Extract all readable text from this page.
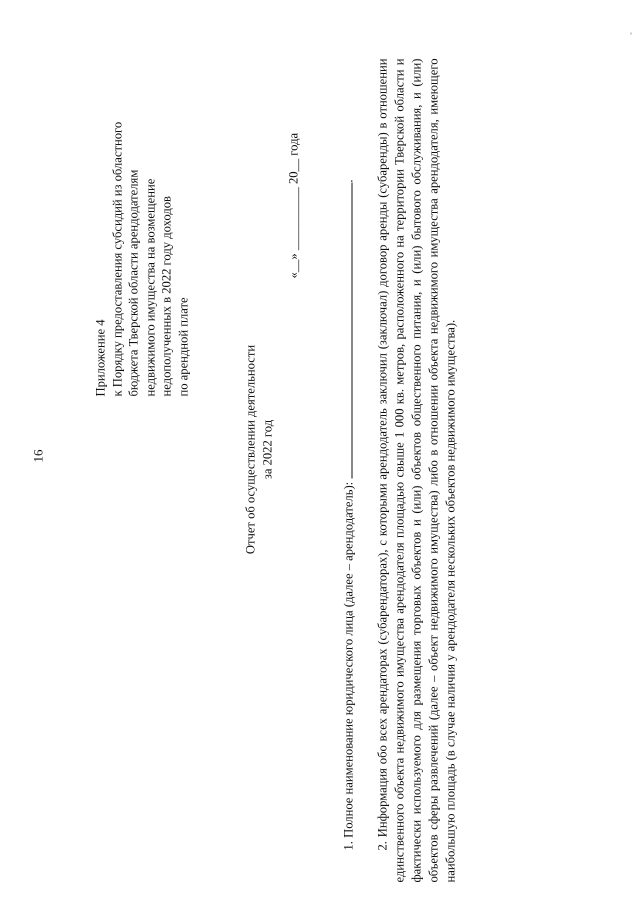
16
Приложение 4 к Порядку предоставления субсидий из областного бюджета Тверской области арендодателям недвижимого имущества на возмещение недополученных в 2022 году доходов по арендной плате
«__» __________ 20__ года
Отчет об осуществлении деятельности за 2022 год
1. Полное наименование юридического лица (далее – арендодатель): . 2. Информация обо всех арендаторах (субарендаторах), с которыми арендодатель заключил (заключал) договор аренды (субаренды) в отношении единственного объекта недвижимого имущества арендодателя площадью свыше 1 000 кв. метров, расположенного на территории Тверской области и фактически используемого для размещения торговых объектов и (или) объектов общественного питания, и (или) бытового обслуживания, и (или) объектов сферы развлечений (далее – объект недвижимого имущества) либо в отношении объекта недвижимого имущества арендодателя, имеющего наибольшую площадь (в случае наличия у арендодателя нескольких объектов недвижимого имущества).
